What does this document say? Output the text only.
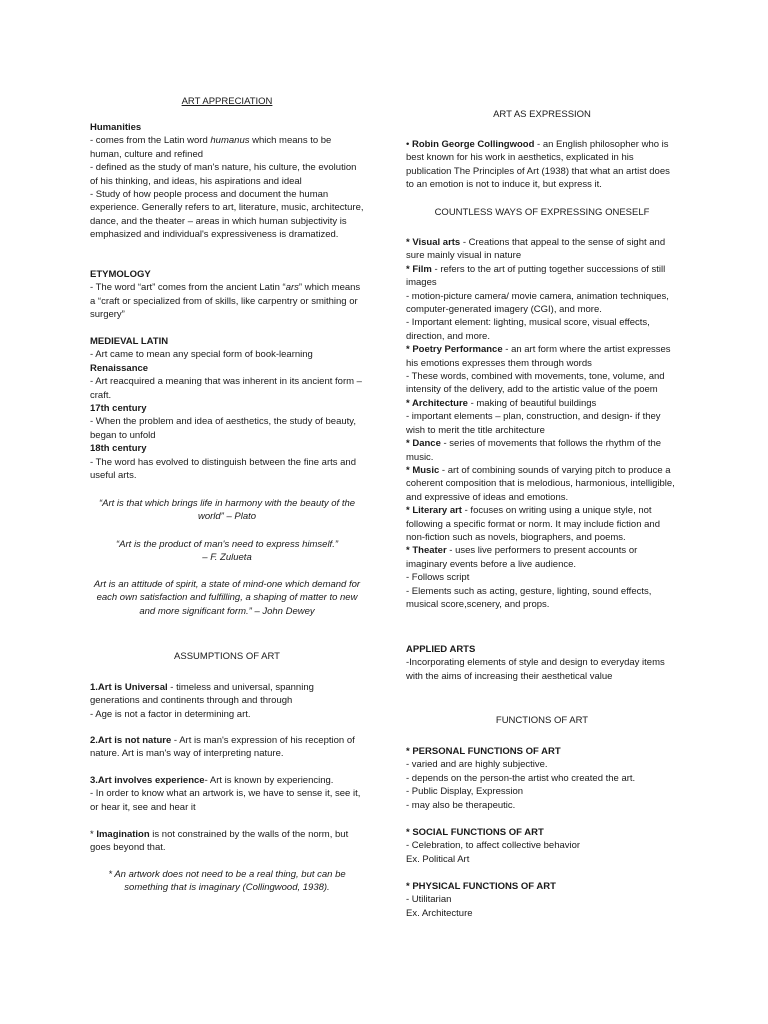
ART APPRECIATION

Humanities

- comes from the Latin word humanus which means to be human, culture and refined

- defined as the study of man's nature, his culture, the evolution of his thinking, and ideas, his aspirations and ideal

- Study of how people process and document the human experience. Generally refers to art, literature, music, architecture, dance, and the theater – areas in which human subjectivity is emphasized and individual's expressiveness is dramatized.

ETYMOLOGY

- The word “art” comes from the ancient Latin “ars” which means a “craft or specialized from of skills, like carpentry or smithing or surgery”

MEDIEVAL LATIN

- Art came to mean any special form of book-learning

Renaissance

- Art reacquired a meaning that was inherent in its ancient form – craft.

17th century

- When the problem and idea of aesthetics, the study of beauty, began to unfold

18th century

- The word has evolved to distinguish between the fine arts and useful arts.

“Art is that which brings life in harmony with the beauty of the world” – Plato

“Art is the product of man's need to express himself.”

– F. Zulueta

Art is an attitude of spirit, a state of mind-one which demand for each own satisfaction and fulfilling, a shaping of matter to new and more significant form.” – John Dewey
ASSUMPTIONS OF ART

1.Art is Universal - timeless and universal, spanning generations and continents through and through

- Age is not a factor in determining art.

2.Art is not nature - Art is man's expression of his reception of nature. Art is man's way of interpreting nature.

3.Art involves experience- Art is known by experiencing.

- In order to know what an artwork is, we have to sense it, see it, or hear it, see and hear it

* Imagination is not constrained by the walls of the norm, but goes beyond that.

* An artwork does not need to be a real thing, but can be something that is imaginary (Collingwood, 1938).
ART AS EXPRESSION

• Robin George Collingwood - an English philosopher who is best known for his work in aesthetics, explicated in his publication The Principles of Art (1938) that what an artist does to an emotion is not to induce it, but express it.

COUNTLESS WAYS OF EXPRESSING ONESELF

* Visual arts - Creations that appeal to the sense of sight and sure mainly visual in nature

* Film - refers to the art of putting together successions of still images

- motion-picture camera/ movie camera, animation techniques, computer-generated imagery (CGI), and more.

- Important element: lighting, musical score, visual effects, direction, and more.

* Poetry Performance - an art form where the artist expresses his emotions expresses them through words

- These words, combined with movements, tone, volume, and intensity of the delivery, add to the artistic value of the poem

* Architecture - making of beautiful buildings

- important elements – plan, construction, and design- if they wish to merit the title architecture

* Dance - series of movements that follows the rhythm of the music.

* Music - art of combining sounds of varying pitch to produce a coherent composition that is melodious, harmonious, intelligible, and expressive of ideas and emotions.

* Literary art - focuses on writing using a unique style, not following a specific format or norm. It may include fiction and non-fiction such as novels, biographers, and poems.

* Theater - uses live performers to present accounts or imaginary events before a live audience.

- Follows script

- Elements such as acting, gesture, lighting, sound effects, musical score,scenery, and props.

APPLIED ARTS

-Incorporating elements of style and design to everyday items with the aims of increasing their aesthetical value

FUNCTIONS OF ART

* PERSONAL FUNCTIONS OF ART

- varied and are highly subjective.

- depends on the person-the artist who created the art.

- Public Display, Expression

- may also be therapeutic.

* SOCIAL FUNCTIONS OF ART

- Celebration, to affect collective behavior

Ex. Political Art

* PHYSICAL FUNCTIONS OF ART

- Utilitarian

Ex. Architecture
